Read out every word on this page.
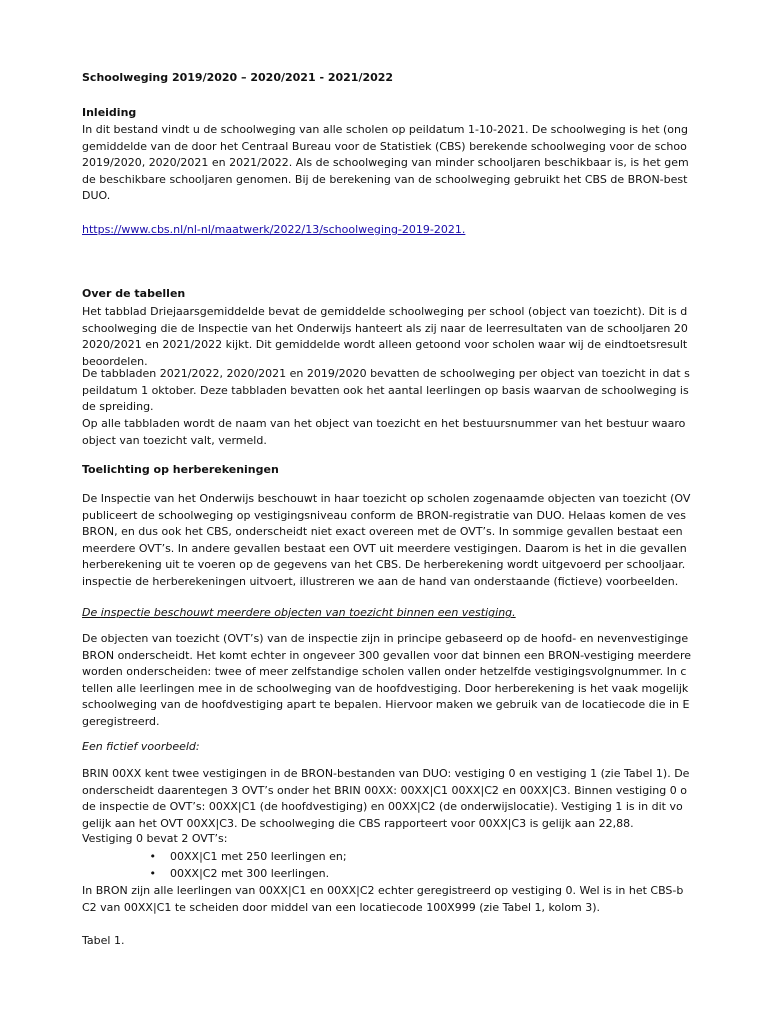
Schoolweging 2019/2020 – 2020/2021 - 2021/2022
Inleiding
In dit bestand vindt u de schoolweging van alle scholen op peildatum 1-10-2021. De schoolweging is het (ong
gemiddelde van de door het Centraal Bureau voor de Statistiek (CBS) berekende schoolweging voor de schoo
2019/2020, 2020/2021 en 2021/2022. Als de schoolweging van minder schooljaren beschikbaar is, is het gem
de beschikbare schooljaren genomen. Bij de berekening van de schoolweging gebruikt het CBS de BRON-best
DUO.
https://www.cbs.nl/nl-nl/maatwerk/2022/13/schoolweging-2019-2021.
Over de tabellen
Het tabblad Driejaarsgemiddelde bevat de gemiddelde schoolweging per school (object van toezicht). Dit is d
schoolweging die de Inspectie van het Onderwijs hanteert als zij naar de leerresultaten van de schooljaren 20
2020/2021 en 2021/2022 kijkt. Dit gemiddelde wordt alleen getoond voor scholen waar wij de eindtoetsresult
beoordelen.
De tabbladen 2021/2022, 2020/2021 en 2019/2020 bevatten de schoolweging per object van toezicht in dat s
peildatum 1 oktober. Deze tabbladen bevatten ook het aantal leerlingen op basis waarvan de schoolweging is
de spreiding.
Op alle tabbladen wordt de naam van het object van toezicht en het bestuursnummer van het bestuur waaro
object van toezicht valt, vermeld.
Toelichting op herberekeningen
De Inspectie van het Onderwijs beschouwt in haar toezicht op scholen zogenaamde objecten van toezicht (OV
publiceert de schoolweging op vestigingsniveau conform de BRON-registratie van DUO. Helaas komen de ves
BRON, en dus ook het CBS, onderscheidt niet exact overeen met de OVT’s. In sommige gevallen bestaat een
meerdere OVT’s. In andere gevallen bestaat een OVT uit meerdere vestigingen. Daarom is het in die gevallen
herberekening uit te voeren op de gegevens van het CBS. De herberekening wordt uitgevoerd per schooljaar.
inspectie de herberekeningen uitvoert, illustreren we aan de hand van onderstaande (fictieve) voorbeelden.
De inspectie beschouwt meerdere objecten van toezicht binnen een vestiging.
De objecten van toezicht (OVT’s) van de inspectie zijn in principe gebaseerd op de hoofd- en nevenvestiginge
BRON onderscheidt. Het komt echter in ongeveer 300 gevallen voor dat binnen een BRON-vestiging meerdere
worden onderscheiden: twee of meer zelfstandige scholen vallen onder hetzelfde vestigingsvolgnummer. In c
tellen alle leerlingen mee in de schoolweging van de hoofdvestiging. Door herberekening is het vaak mogelijk
schoolweging van de hoofdvestiging apart te bepalen. Hiervoor maken we gebruik van de locatiecode die in E
geregistreerd.
Een fictief voorbeeld:
BRIN 00XX kent twee vestigingen in de BRON-bestanden van DUO: vestiging 0 en vestiging 1 (zie Tabel 1). De
onderscheidt daarentegen 3 OVT’s onder het BRIN 00XX: 00XX|C1 00XX|C2 en 00XX|C3. Binnen vestiging 0 o
de inspectie de OVT’s: 00XX|C1 (de hoofdvestiging) en 00XX|C2 (de onderwijslocatie). Vestiging 1 is in dit vo
gelijk aan het OVT 00XX|C3. De schoolweging die CBS rapporteert voor 00XX|C3 is gelijk aan 22,88.
Vestiging 0 bevat 2 OVT’s:
• 00XX|C1 met 250 leerlingen en;
• 00XX|C2 met 300 leerlingen.
In BRON zijn alle leerlingen van 00XX|C1 en 00XX|C2 echter geregistreerd op vestiging 0. Wel is in het CBS-b
C2 van 00XX|C1 te scheiden door middel van een locatiecode 100X999 (zie Tabel 1, kolom 3).
Tabel 1.
